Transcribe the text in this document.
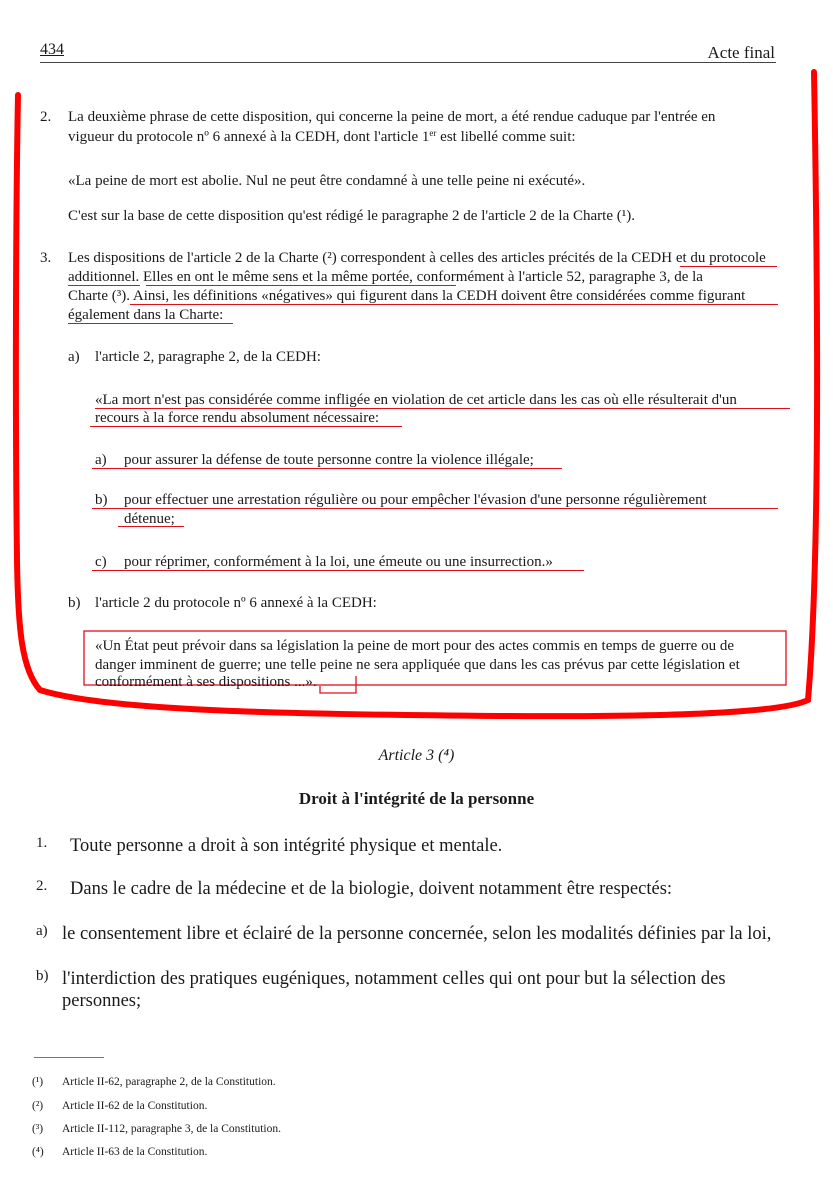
434	Acte final
2. La deuxième phrase de cette disposition, qui concerne la peine de mort, a été rendue caduque par l'entrée en
vigueur du protocole nº 6 annexé à la CEDH, dont l'article 1er est libellé comme suit:
«La peine de mort est abolie. Nul ne peut être condamné à une telle peine ni exécuté».
C'est sur la base de cette disposition qu'est rédigé le paragraphe 2 de l'article 2 de la Charte (¹).
3. Les dispositions de l'article 2 de la Charte (²) correspondent à celles des articles précités de la CEDH et du protocole
additionnel. Elles en ont le même sens et la même portée, conformément à l'article 52, paragraphe 3, de la
Charte (³). Ainsi, les définitions «négatives» qui figurent dans la CEDH doivent être considérées comme figurant
également dans la Charte:
a) l'article 2, paragraphe 2, de la CEDH:
«La mort n'est pas considérée comme infligée en violation de cet article dans les cas où elle résulterait d'un
recours à la force rendu absolument nécessaire:
a) pour assurer la défense de toute personne contre la violence illégale;
b) pour effectuer une arrestation régulière ou pour empêcher l'évasion d'une personne régulièrement
détenue;
c) pour réprimer, conformément à la loi, une émeute ou une insurrection.»
b) l'article 2 du protocole nº 6 annexé à la CEDH:
«Un État peut prévoir dans sa législation la peine de mort pour des actes commis en temps de guerre ou de
danger imminent de guerre; une telle peine ne sera appliquée que dans les cas prévus par cette législation et
conformément à ses dispositions ...».
Article 3 (⁴)
Droit à l'intégrité de la personne
1. Toute personne a droit à son intégrité physique et mentale.
2. Dans le cadre de la médecine et de la biologie, doivent notamment être respectés:
a) le consentement libre et éclairé de la personne concernée, selon les modalités définies par la loi,
b) l'interdiction des pratiques eugéniques, notamment celles qui ont pour but la sélection des
personnes;
(¹) Article II-62, paragraphe 2, de la Constitution.
(²) Article II-62 de la Constitution.
(³) Article II-112, paragraphe 3, de la Constitution.
(⁴) Article II-63 de la Constitution.
